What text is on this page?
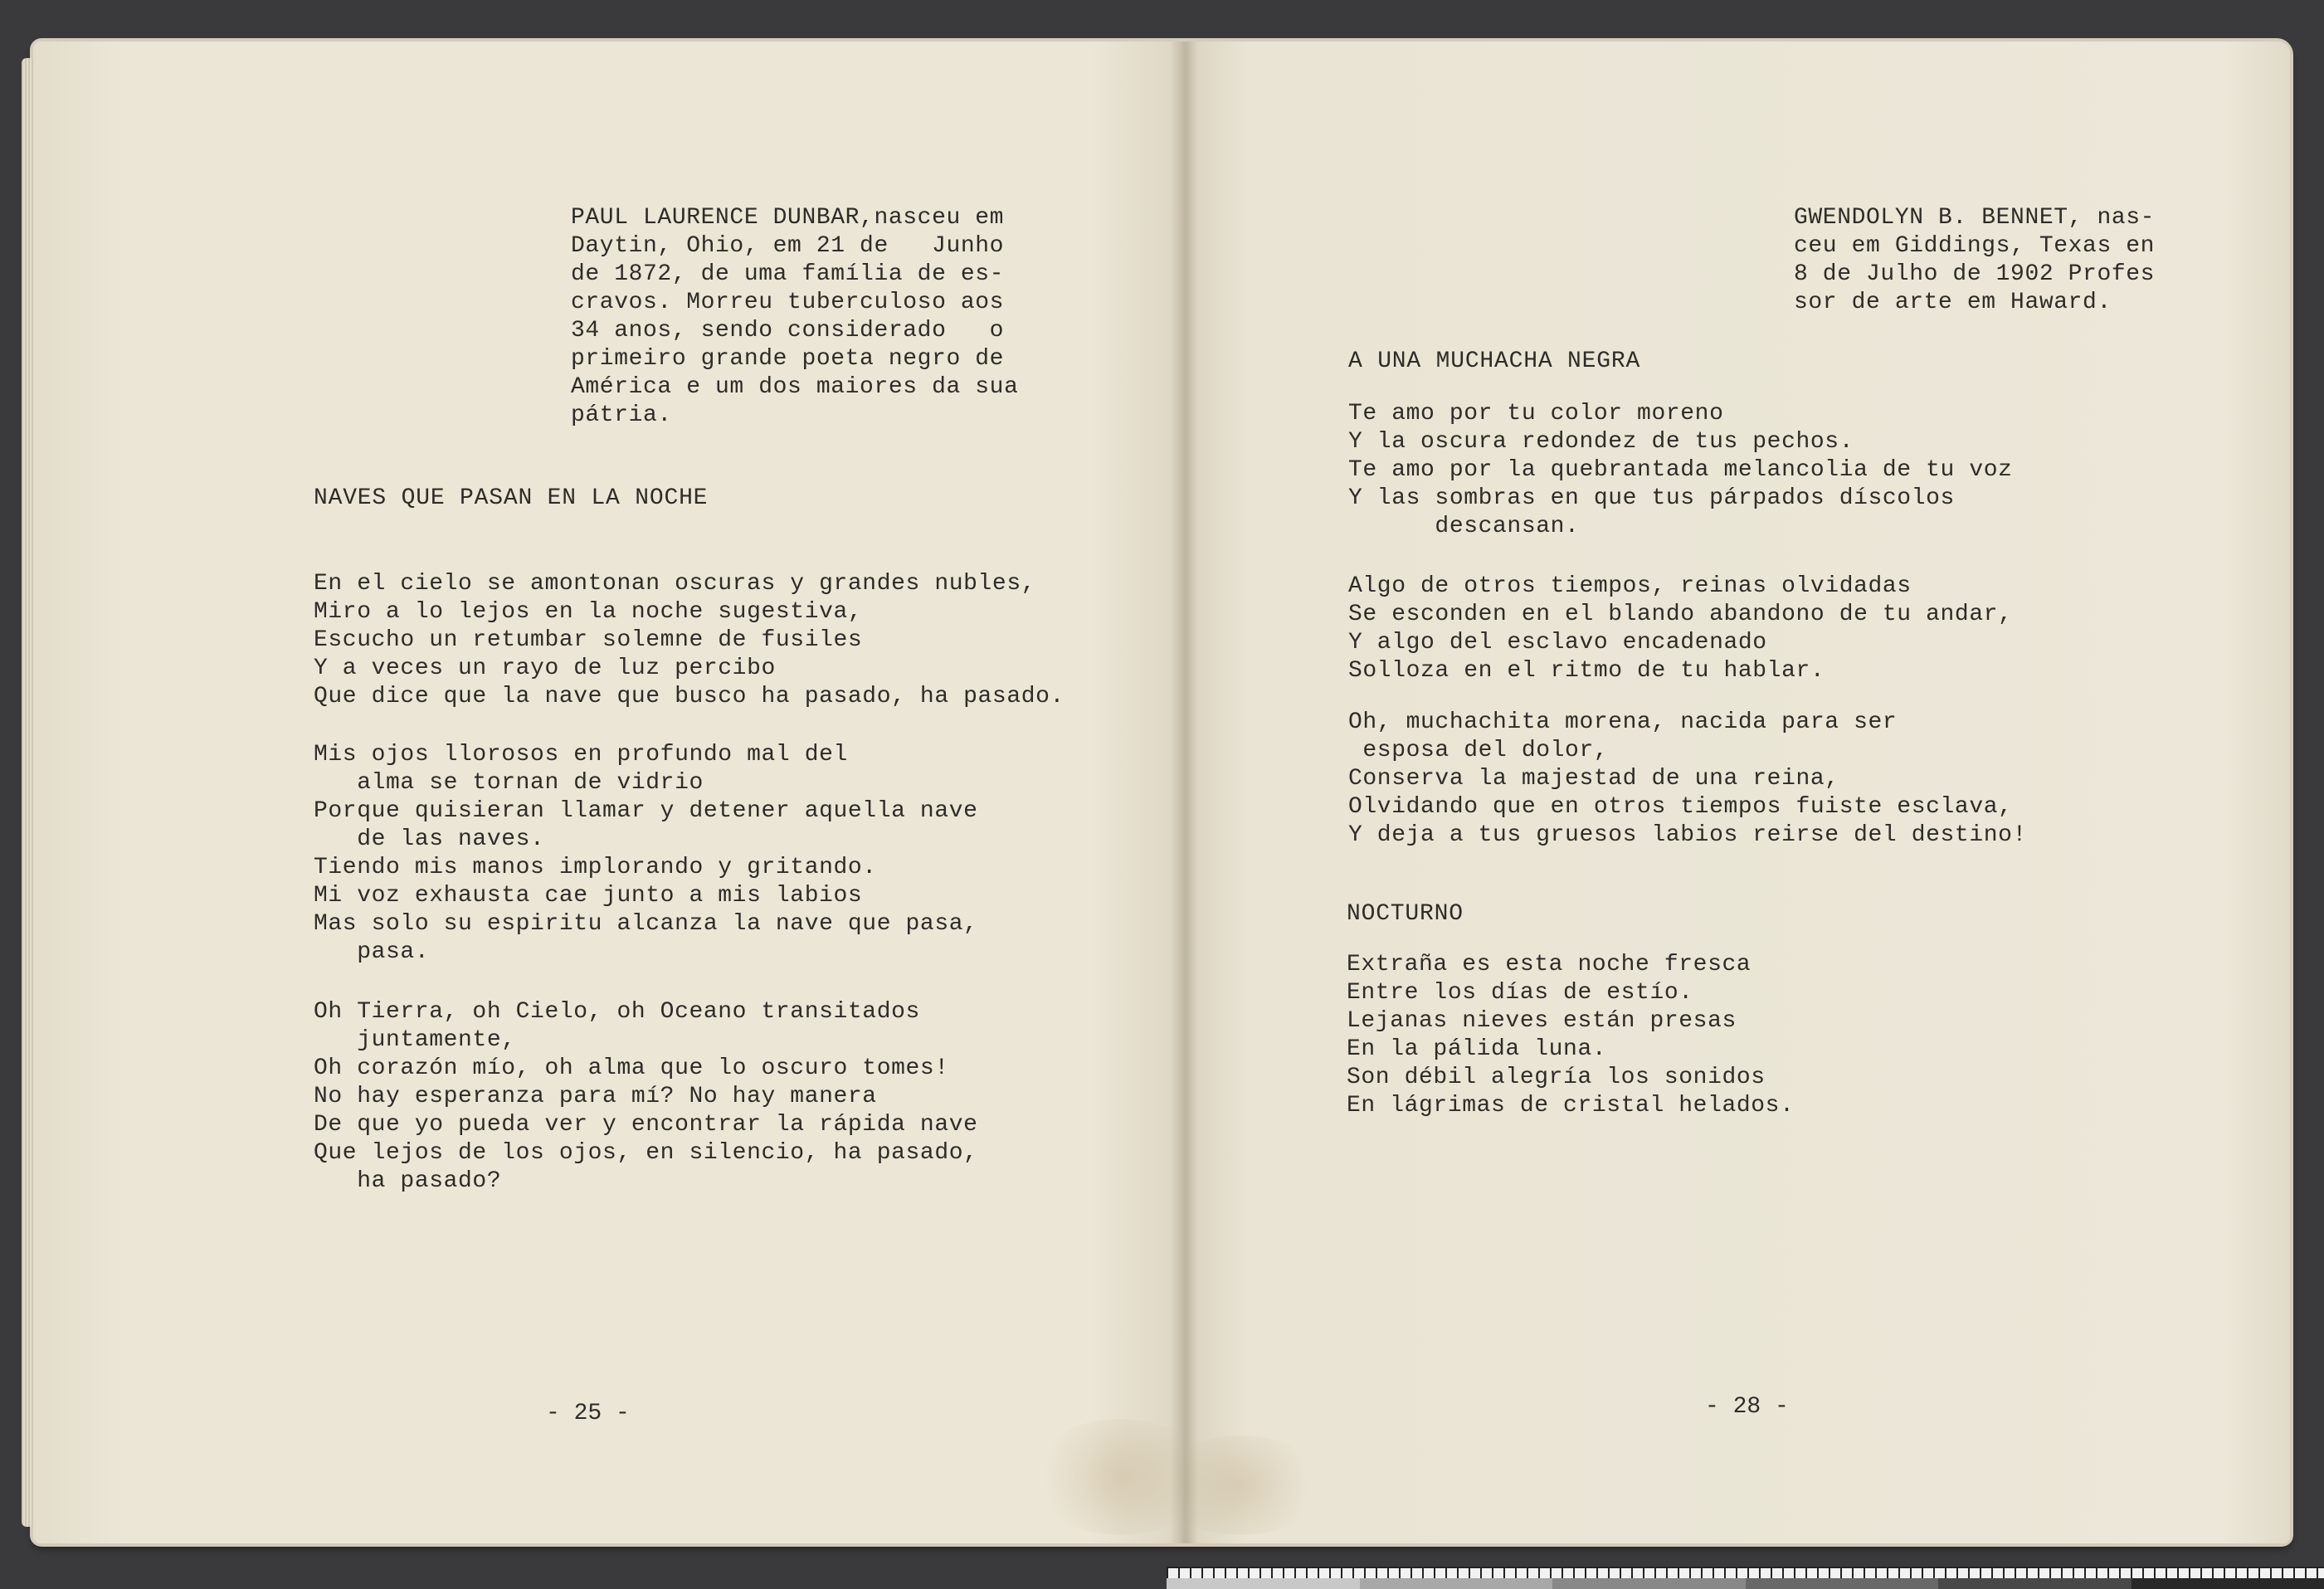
PAUL LAURENCE DUNBAR,nasceu em
Daytin, Ohio, em 21 de   Junho
de 1872, de uma família de es-
cravos. Morreu tuberculoso aos
34 anos, sendo considerado   o
primeiro grande poeta negro de
América e um dos maiores da sua
pátria.

NAVES QUE PASAN EN LA NOCHE

En el cielo se amontonan oscuras y grandes nubles,
Miro a lo lejos en la noche sugestiva,
Escucho un retumbar solemne de fusiles
Y a veces un rayo de luz percibo
Que dice que la nave que busco ha pasado, ha pasado.

Mis ojos llorosos en profundo mal del
alma se tornan de vidrio
Porque quisieran llamar y detener aquella nave
de las naves.
Tiendo mis manos implorando y gritando.
Mi voz exhausta cae junto a mis labios
Mas solo su espiritu alcanza la nave que pasa,
pasa.

Oh Tierra, oh Cielo, oh Oceano transitados
juntamente,
Oh corazón mío, oh alma que lo oscuro tomes!
No hay esperanza para mí? No hay manera
De que yo pueda ver y encontrar la rápida nave
Que lejos de los ojos, en silencio, ha pasado,
ha pasado?

- 25 -

GWENDOLYN B. BENNET, nas-
ceu em Giddings, Texas en
8 de Julho de 1902 Profes
sor de arte em Haward.

A UNA MUCHACHA NEGRA

Te amo por tu color moreno
Y la oscura redondez de tus pechos.
Te amo por la quebrantada melancolia de tu voz
Y las sombras en que tus párpados díscolos
descansan.

Algo de otros tiempos, reinas olvidadas
Se esconden en el blando abandono de tu andar,
Y algo del esclavo encadenado
Solloza en el ritmo de tu hablar.

Oh, muchachita morena, nacida para ser
esposa del dolor,
Conserva la majestad de una reina,
Olvidando que en otros tiempos fuiste esclava,
Y deja a tus gruesos labios reirse del destino!

NOCTURNO

Extraña es esta noche fresca
Entre los días de estío.
Lejanas nieves están presas
En la pálida luna.
Son débil alegría los sonidos
En lágrimas de cristal helados.

- 28 -
